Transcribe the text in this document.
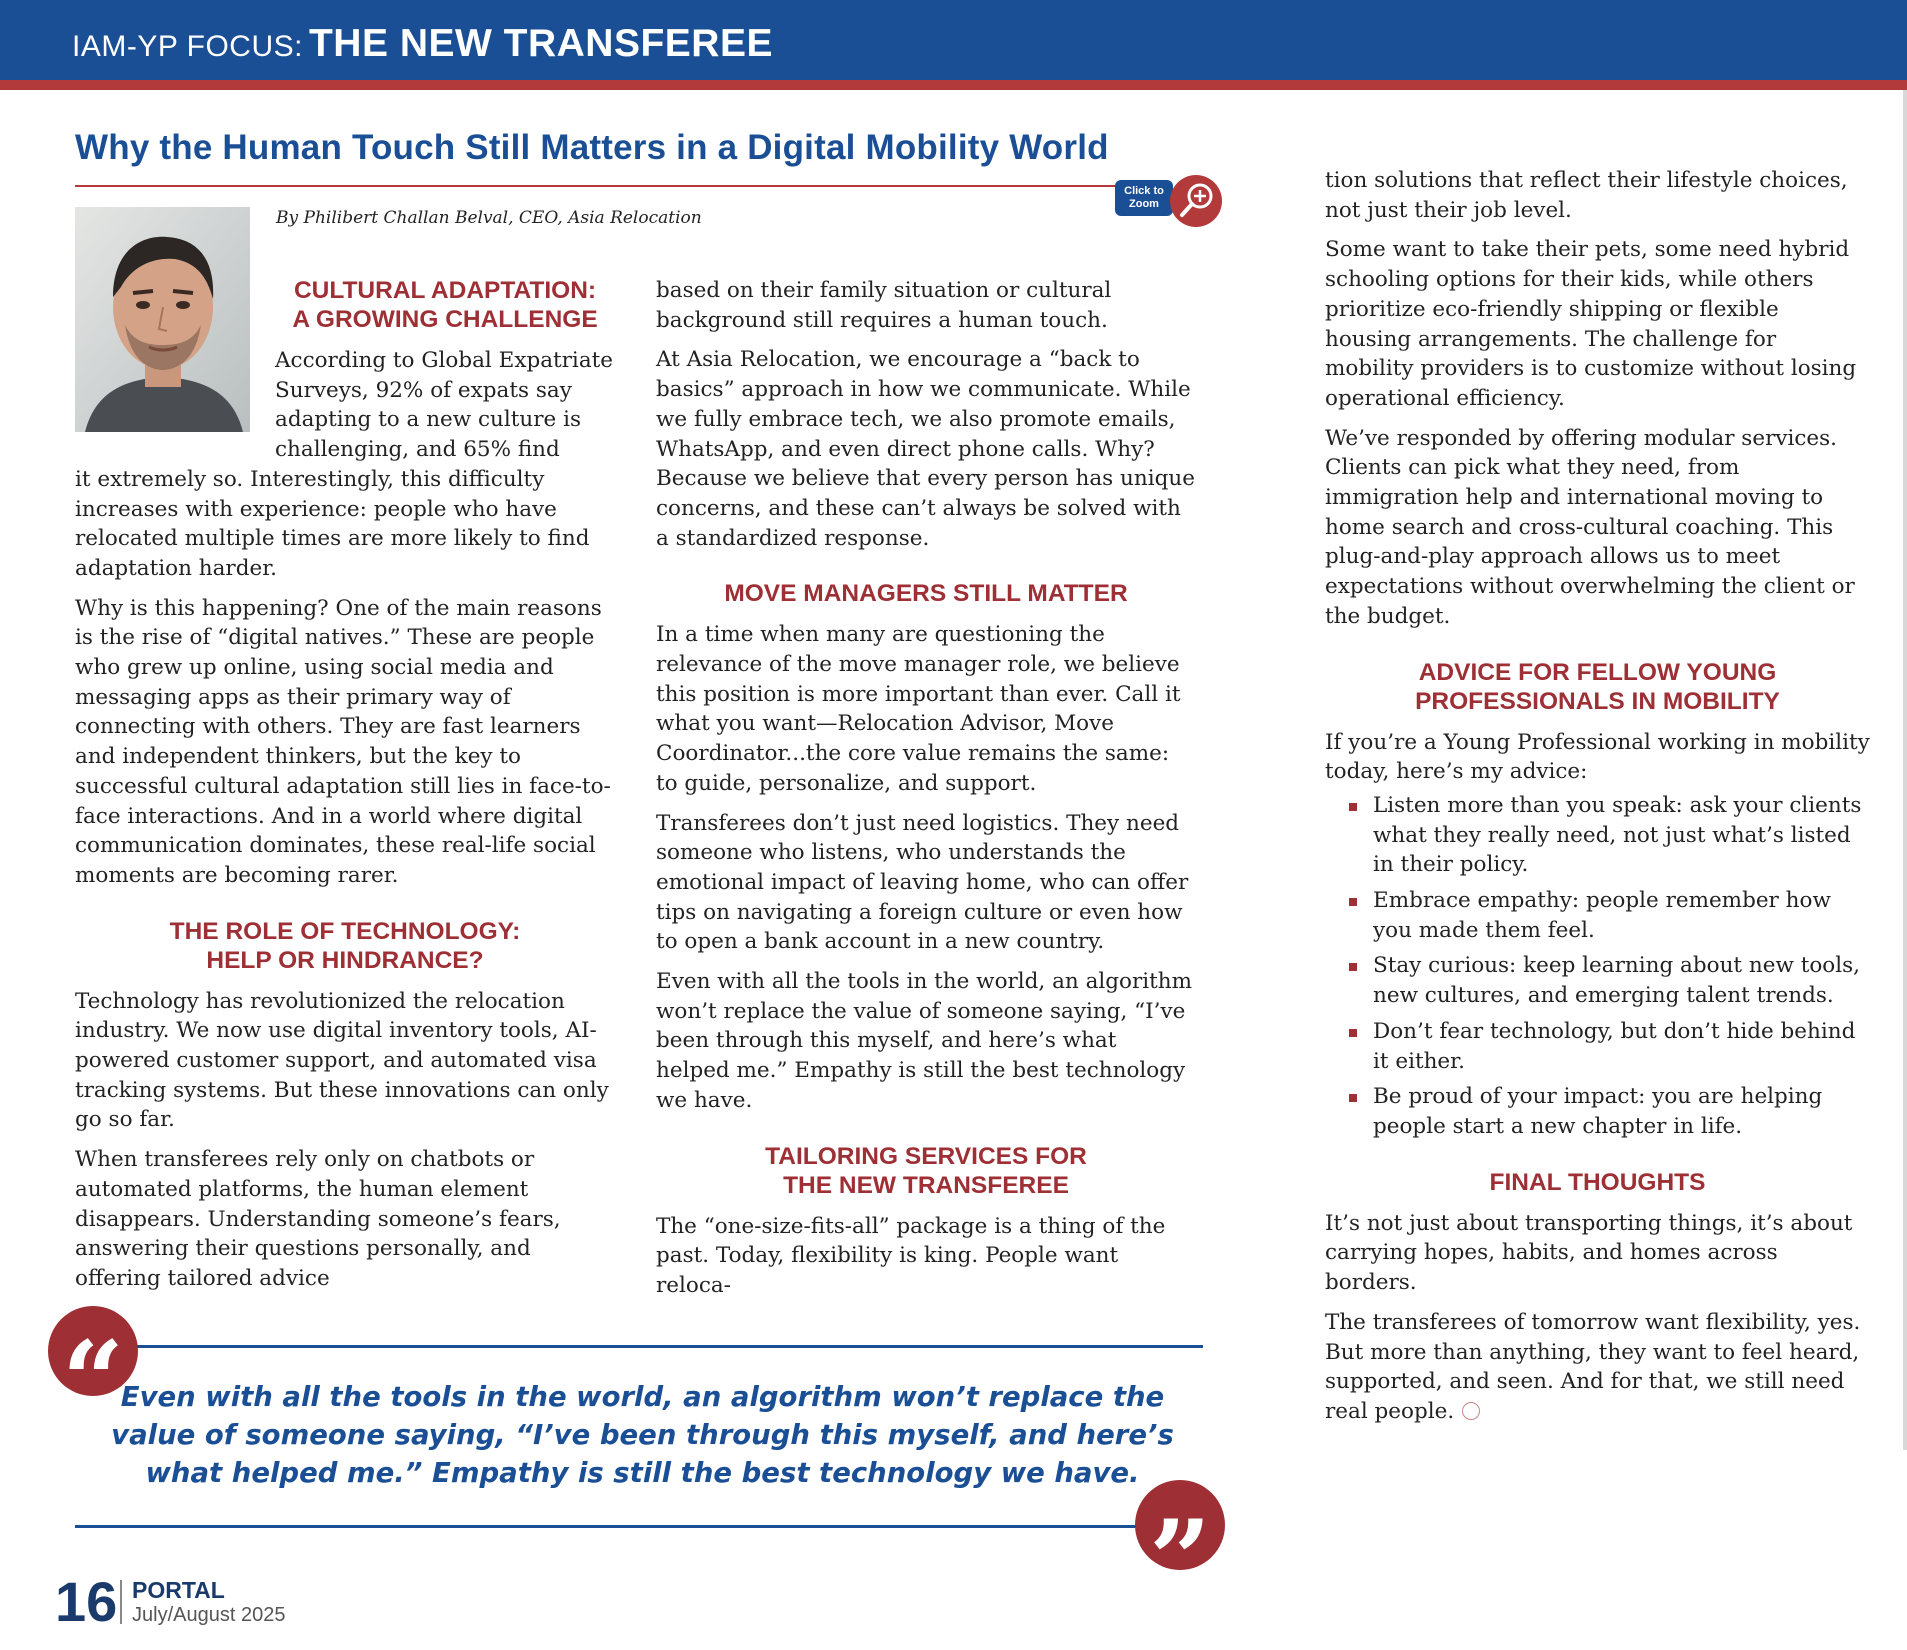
IAM-YP FOCUS: THE NEW TRANSFEREE
Why the Human Touch Still Matters in a Digital Mobility World
Click to
Zoom
By Philibert Challan Belval, CEO, Asia Relocation
CULTURAL ADAPTATION:
A GROWING CHALLENGE

According to Global Expatriate Surveys, 92% of expats say adapting to a new culture is challenging, and 65% find

it extremely so. Interestingly, this difficulty increases with experience: people who have relocated multiple times are more likely to find adaptation harder.

Why is this happening? One of the main reasons is the rise of “digital natives.” These are people who grew up online, using social media and messaging apps as their primary way of connecting with others. They are fast learners and independent thinkers, but the key to successful cultural adaptation still lies in face-to-face interactions. And in a world where digital communication dominates, these real-life social moments are becoming rarer.

THE ROLE OF TECHNOLOGY:
HELP OR HINDRANCE?

Technology has revolutionized the relocation industry. We now use digital inventory tools, AI-powered customer support, and automated visa tracking systems. But these innovations can only go so far.

When transferees rely only on chatbots or automated platforms, the human element disappears. Understanding someone’s fears, answering their questions personally, and offering tailored advice

based on their family situation or cultural background still requires a human touch.

At Asia Relocation, we encourage a “back to basics” approach in how we communicate. While we fully embrace tech, we also promote emails, WhatsApp, and even direct phone calls. Why? Because we believe that every person has unique concerns, and these can’t always be solved with a standardized response.

MOVE MANAGERS STILL MATTER

In a time when many are questioning the relevance of the move manager role, we believe this position is more important than ever. Call it what you want—Relocation Advisor, Move Coordinator...the core value remains the same: to guide, personalize, and support.

Transferees don’t just need logistics. They need someone who listens, who understands the emotional impact of leaving home, who can offer tips on navigating a foreign culture or even how to open a bank account in a new country.

Even with all the tools in the world, an algorithm won’t replace the value of someone saying, “I’ve been through this myself, and here’s what helped me.” Empathy is still the best technology we have.

TAILORING SERVICES FOR
THE NEW TRANSFEREE

The “one-size-fits-all” package is a thing of the past. Today, flexibility is king. People want reloca-

tion solutions that reflect their lifestyle choices, not just their job level.

Some want to take their pets, some need hybrid schooling options for their kids, while others prioritize eco-friendly shipping or flexible housing arrangements. The challenge for mobility providers is to customize without losing operational efficiency.

We’ve responded by offering modular services. Clients can pick what they need, from immigration help and international moving to home search and cross-cultural coaching. This plug-and-play approach allows us to meet expectations without overwhelming the client or the budget.

ADVICE FOR FELLOW YOUNG
PROFESSIONALS IN MOBILITY

If you’re a Young Professional working in mobility today, here’s my advice:

Listen more than you speak: ask your clients what they really need, not just what’s listed in their policy.
Embrace empathy: people remember how you made them feel.
Stay curious: keep learning about new tools, new cultures, and emerging talent trends.
Don’t fear technology, but don’t hide behind it either.
Be proud of your impact: you are helping people start a new chapter in life.
FINAL THOUGHTS

It’s not just about transporting things, it’s about carrying hopes, habits, and homes across borders.

The transferees of tomorrow want flexibility, yes. But more than anything, they want to feel heard, supported, and seen. And for that, we still need real people.

“
Even with all the tools in the world, an algorithm won’t replace the value of someone saying, “I’ve been through this myself, and here’s what helped me.” Empathy is still the best technology we have.
”
16 PORTAL
July/August 2025
